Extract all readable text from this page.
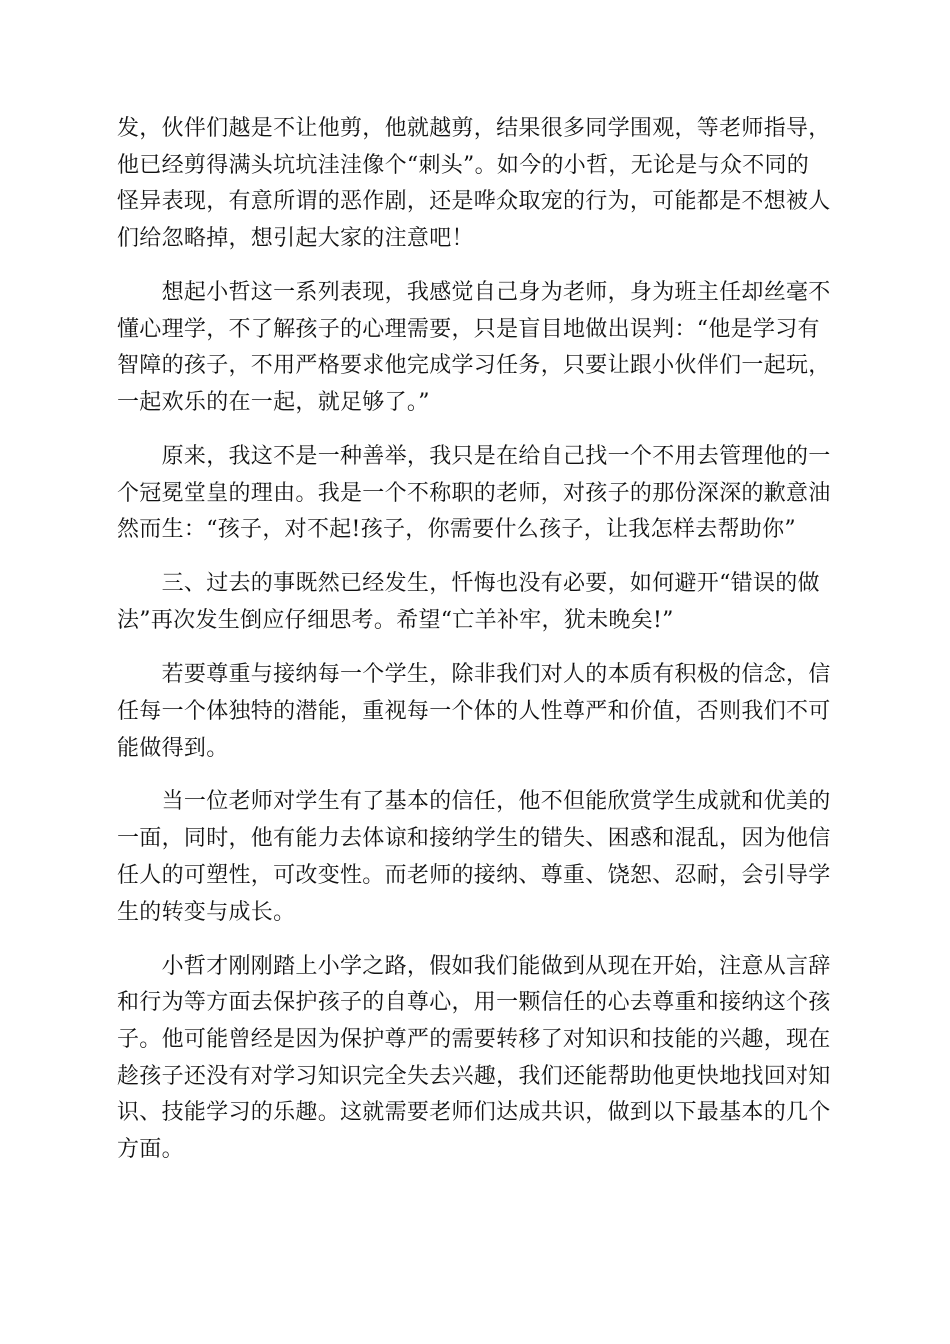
发，伙伴们越是不让他剪，他就越剪，结果很多同学围观，等老师指导，
他已经剪得满头坑坑洼洼像个“刺头”。如今的小哲，无论是与众不同的
怪异表现，有意所谓的恶作剧，还是哗众取宠的行为，可能都是不想被人
们给忽略掉，想引起大家的注意吧！
　　想起小哲这一系列表现，我感觉自己身为老师，身为班主任却丝毫不
懂心理学，不了解孩子的心理需要，只是盲目地做出误判：“他是学习有
智障的孩子，不用严格要求他完成学习任务，只要让跟小伙伴们一起玩，
一起欢乐的在一起，就足够了。”
　　原来，我这不是一种善举，我只是在给自己找一个不用去管理他的一
个冠冕堂皇的理由。我是一个不称职的老师，对孩子的那份深深的歉意油
然而生：“孩子，对不起!孩子，你需要什么孩子，让我怎样去帮助你”
　　三、过去的事既然已经发生，忏悔也没有必要，如何避开“错误的做
法”再次发生倒应仔细思考。希望“亡羊补牢，犹未晚矣!”
　　若要尊重与接纳每一个学生，除非我们对人的本质有积极的信念，信
任每一个体独特的潜能，重视每一个体的人性尊严和价值，否则我们不可
能做得到。
　　当一位老师对学生有了基本的信任，他不但能欣赏学生成就和优美的
一面，同时，他有能力去体谅和接纳学生的错失、困惑和混乱，因为他信
任人的可塑性，可改变性。而老师的接纳、尊重、饶恕、忍耐，会引导学
生的转变与成长。
　　小哲才刚刚踏上小学之路，假如我们能做到从现在开始，注意从言辞
和行为等方面去保护孩子的自尊心，用一颗信任的心去尊重和接纳这个孩
子。他可能曾经是因为保护尊严的需要转移了对知识和技能的兴趣，现在
趁孩子还没有对学习知识完全失去兴趣，我们还能帮助他更快地找回对知
识、技能学习的乐趣。这就需要老师们达成共识，做到以下最基本的几个
方面。
